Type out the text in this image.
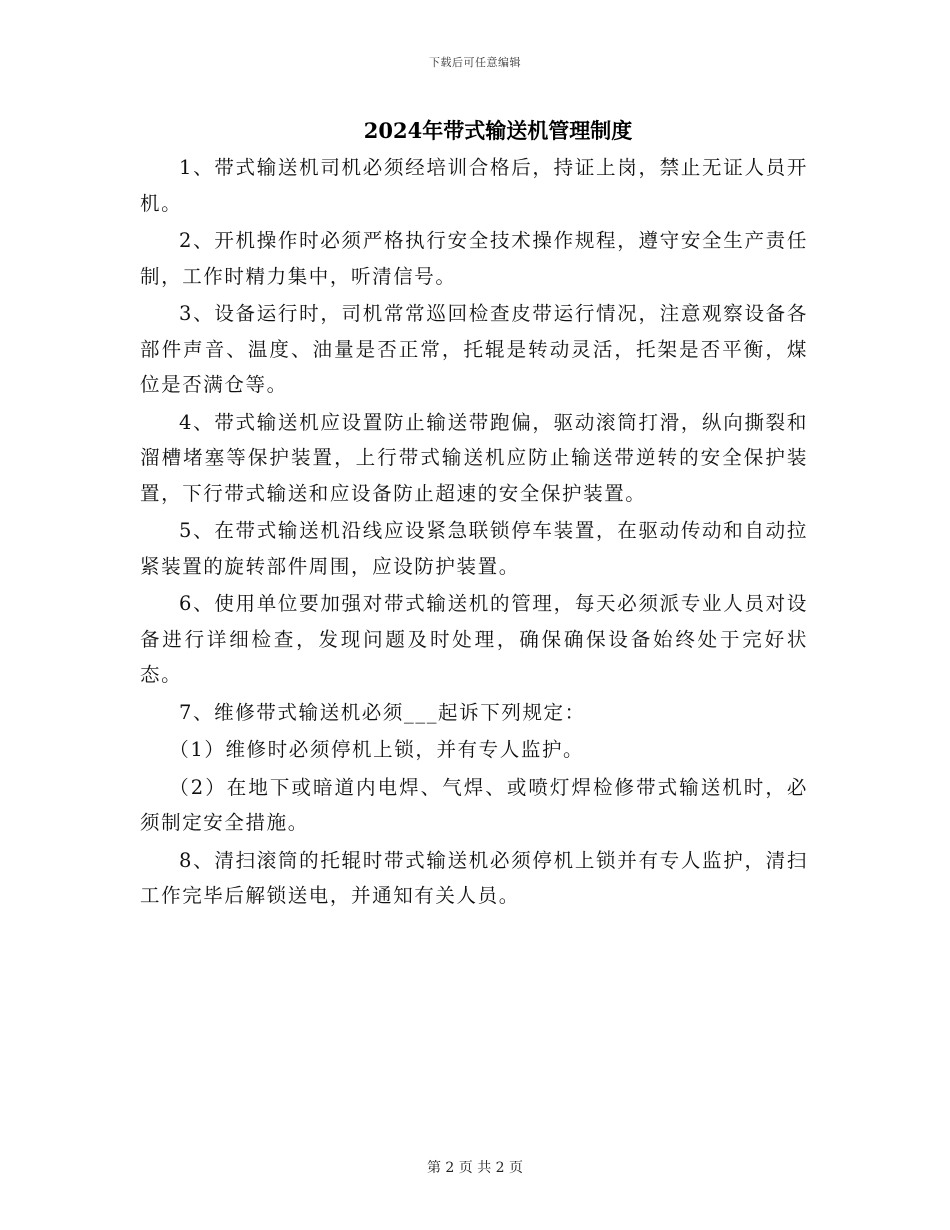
下载后可任意编辑
2024年带式输送机管理制度

1、带式输送机司机必须经培训合格后，持证上岗，禁止无证人员开机。

2、开机操作时必须严格执行安全技术操作规程，遵守安全生产责任制，工作时精力集中，听清信号。

3、设备运行时，司机常常巡回检查皮带运行情况，注意观察设备各部件声音、温度、油量是否正常，托辊是转动灵活，托架是否平衡，煤位是否满仓等。

4、带式输送机应设置防止输送带跑偏，驱动滚筒打滑，纵向撕裂和溜槽堵塞等保护装置，上行带式输送机应防止输送带逆转的安全保护装置，下行带式输送和应设备防止超速的安全保护装置。

5、在带式输送机沿线应设紧急联锁停车装置，在驱动传动和自动拉紧装置的旋转部件周围，应设防护装置。

6、使用单位要加强对带式输送机的管理，每天必须派专业人员对设备进行详细检查，发现问题及时处理，确保确保设备始终处于完好状态。

7、维修带式输送机必须___起诉下列规定：

（1）维修时必须停机上锁，并有专人监护。

（2）在地下或暗道内电焊、气焊、或喷灯焊检修带式输送机时，必须制定安全措施。

8、清扫滚筒的托辊时带式输送机必须停机上锁并有专人监护，清扫工作完毕后解锁送电，并通知有关人员。

第 2 页 共 2 页
